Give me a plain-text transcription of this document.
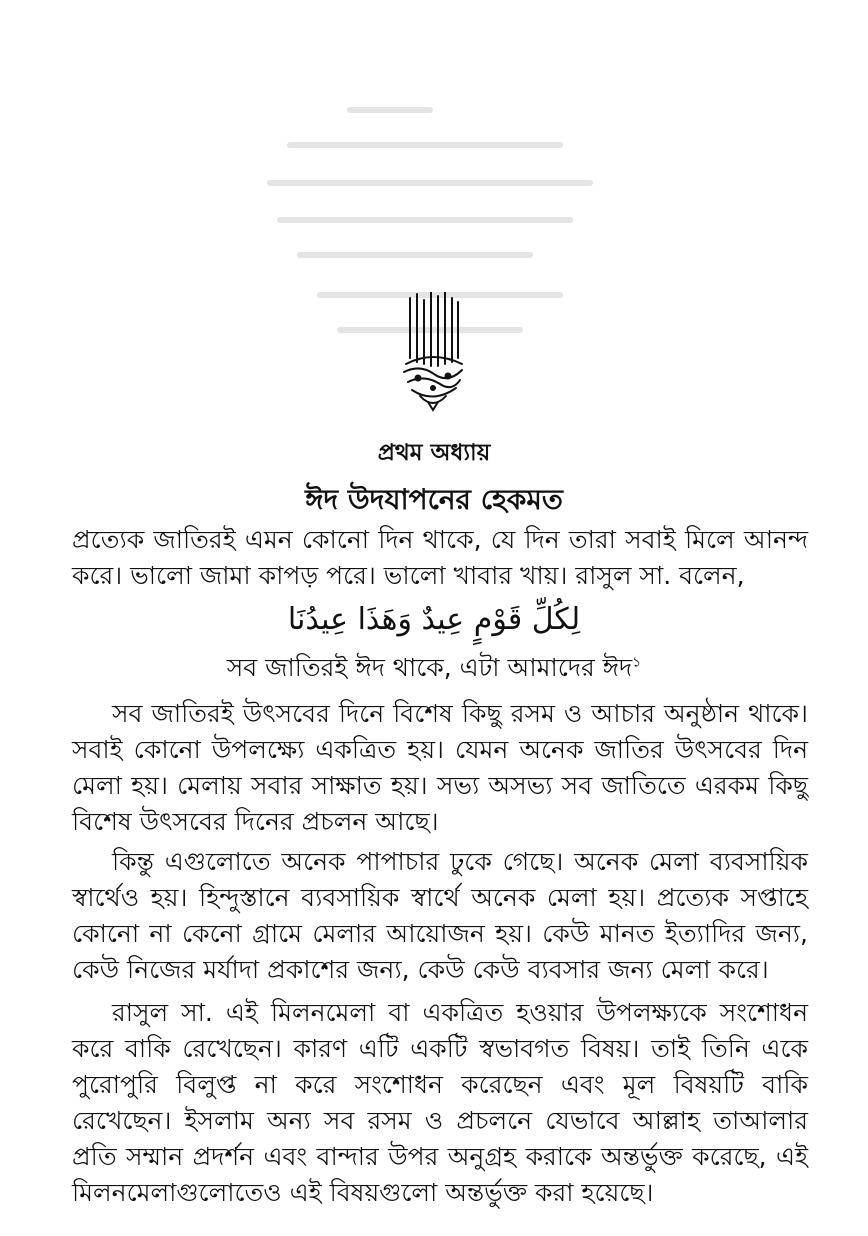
প্রথম অধ্যায়
ঈদ উদযাপনের হেকমত

প্রত্যেক জাতিরই এমন কোনো দিন থাকে, যে দিন তারা সবাই মিলে আনন্দ করে। ভালো জামা কাপড় পরে। ভালো খাবার খায়। রাসুল সা. বলেন,

لِكُلِّ قَوْمٍ عِيدٌ وَهَذَا عِيدُنَا
সব জাতিরই ঈদ থাকে, এটা আমাদের ঈদ$^১$

সব জাতিরই উৎসবের দিনে বিশেষ কিছু রসম ও আচার অনুষ্ঠান থাকে। সবাই কোনো উপলক্ষ্যে একত্রিত হয়। যেমন অনেক জাতির উৎসবের দিন মেলা হয়। মেলায় সবার সাক্ষাত হয়। সভ্য অসভ্য সব জাতিতে এরকম কিছু বিশেষ উৎসবের দিনের প্রচলন আছে।

কিন্তু এগুলোতে অনেক পাপাচার ঢুকে গেছে। অনেক মেলা ব্যবসায়িক স্বার্থেও হয়। হিন্দুস্তানে ব্যবসায়িক স্বার্থে অনেক মেলা হয়। প্রত্যেক সপ্তাহে কোনো না কেনো গ্রামে মেলার আয়োজন হয়। কেউ মানত ইত্যাদির জন্য, কেউ নিজের মর্যাদা প্রকাশের জন্য, কেউ কেউ ব্যবসার জন্য মেলা করে।

রাসুল সা. এই মিলনমেলা বা একত্রিত হওয়ার উপলক্ষ্যকে সংশোধন করে বাকি রেখেছেন। কারণ এটি একটি স্বভাবগত বিষয়। তাই তিনি একে পুরোপুরি বিলুপ্ত না করে সংশোধন করেছেন এবং মূল বিষয়টি বাকি রেখেছেন। ইসলাম অন্য সব রসম ও প্রচলনে যেভাবে আল্লাহ তাআলার প্রতি সম্মান প্রদর্শন এবং বান্দার উপর অনুগ্রহ করাকে অন্তর্ভুক্ত করেছে, এই মিলনমেলাগুলোতেও এই বিষয়গুলো অন্তর্ভুক্ত করা হয়েছে।
